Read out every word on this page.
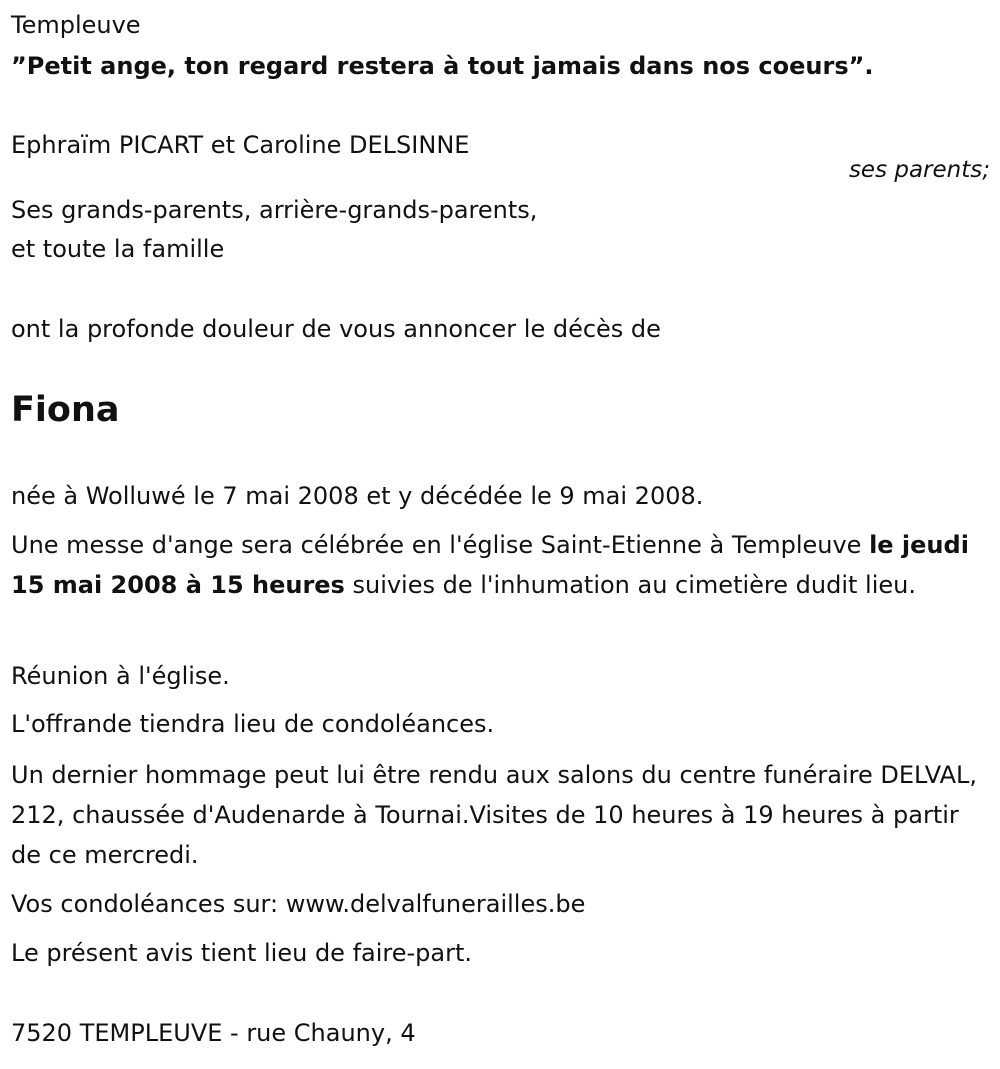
Templeuve
”Petit ange, ton regard restera à tout jamais dans nos coeurs”.
Ephraïm PICART et Caroline DELSINNE
ses parents;
Ses grands-parents, arrière-grands-parents,
et toute la famille
ont la profonde douleur de vous annoncer le décès de
Fiona
née à Wolluwé le 7 mai 2008 et y décédée le 9 mai 2008.
Une messe d'ange sera célébrée en l'église Saint-Etienne à Templeuve le jeudi 15 mai 2008 à 15 heures suivies de l'inhumation au cimetière dudit lieu.
Réunion à l'église.
L'offrande tiendra lieu de condoléances.
Un dernier hommage peut lui être rendu aux salons du centre funéraire DELVAL, 212, chaussée d'Audenarde à Tournai.Visites de 10 heures à 19 heures à partir de ce mercredi.
Vos condoléances sur: www.delvalfunerailles.be
Le présent avis tient lieu de faire-part.
7520 TEMPLEUVE - rue Chauny, 4
